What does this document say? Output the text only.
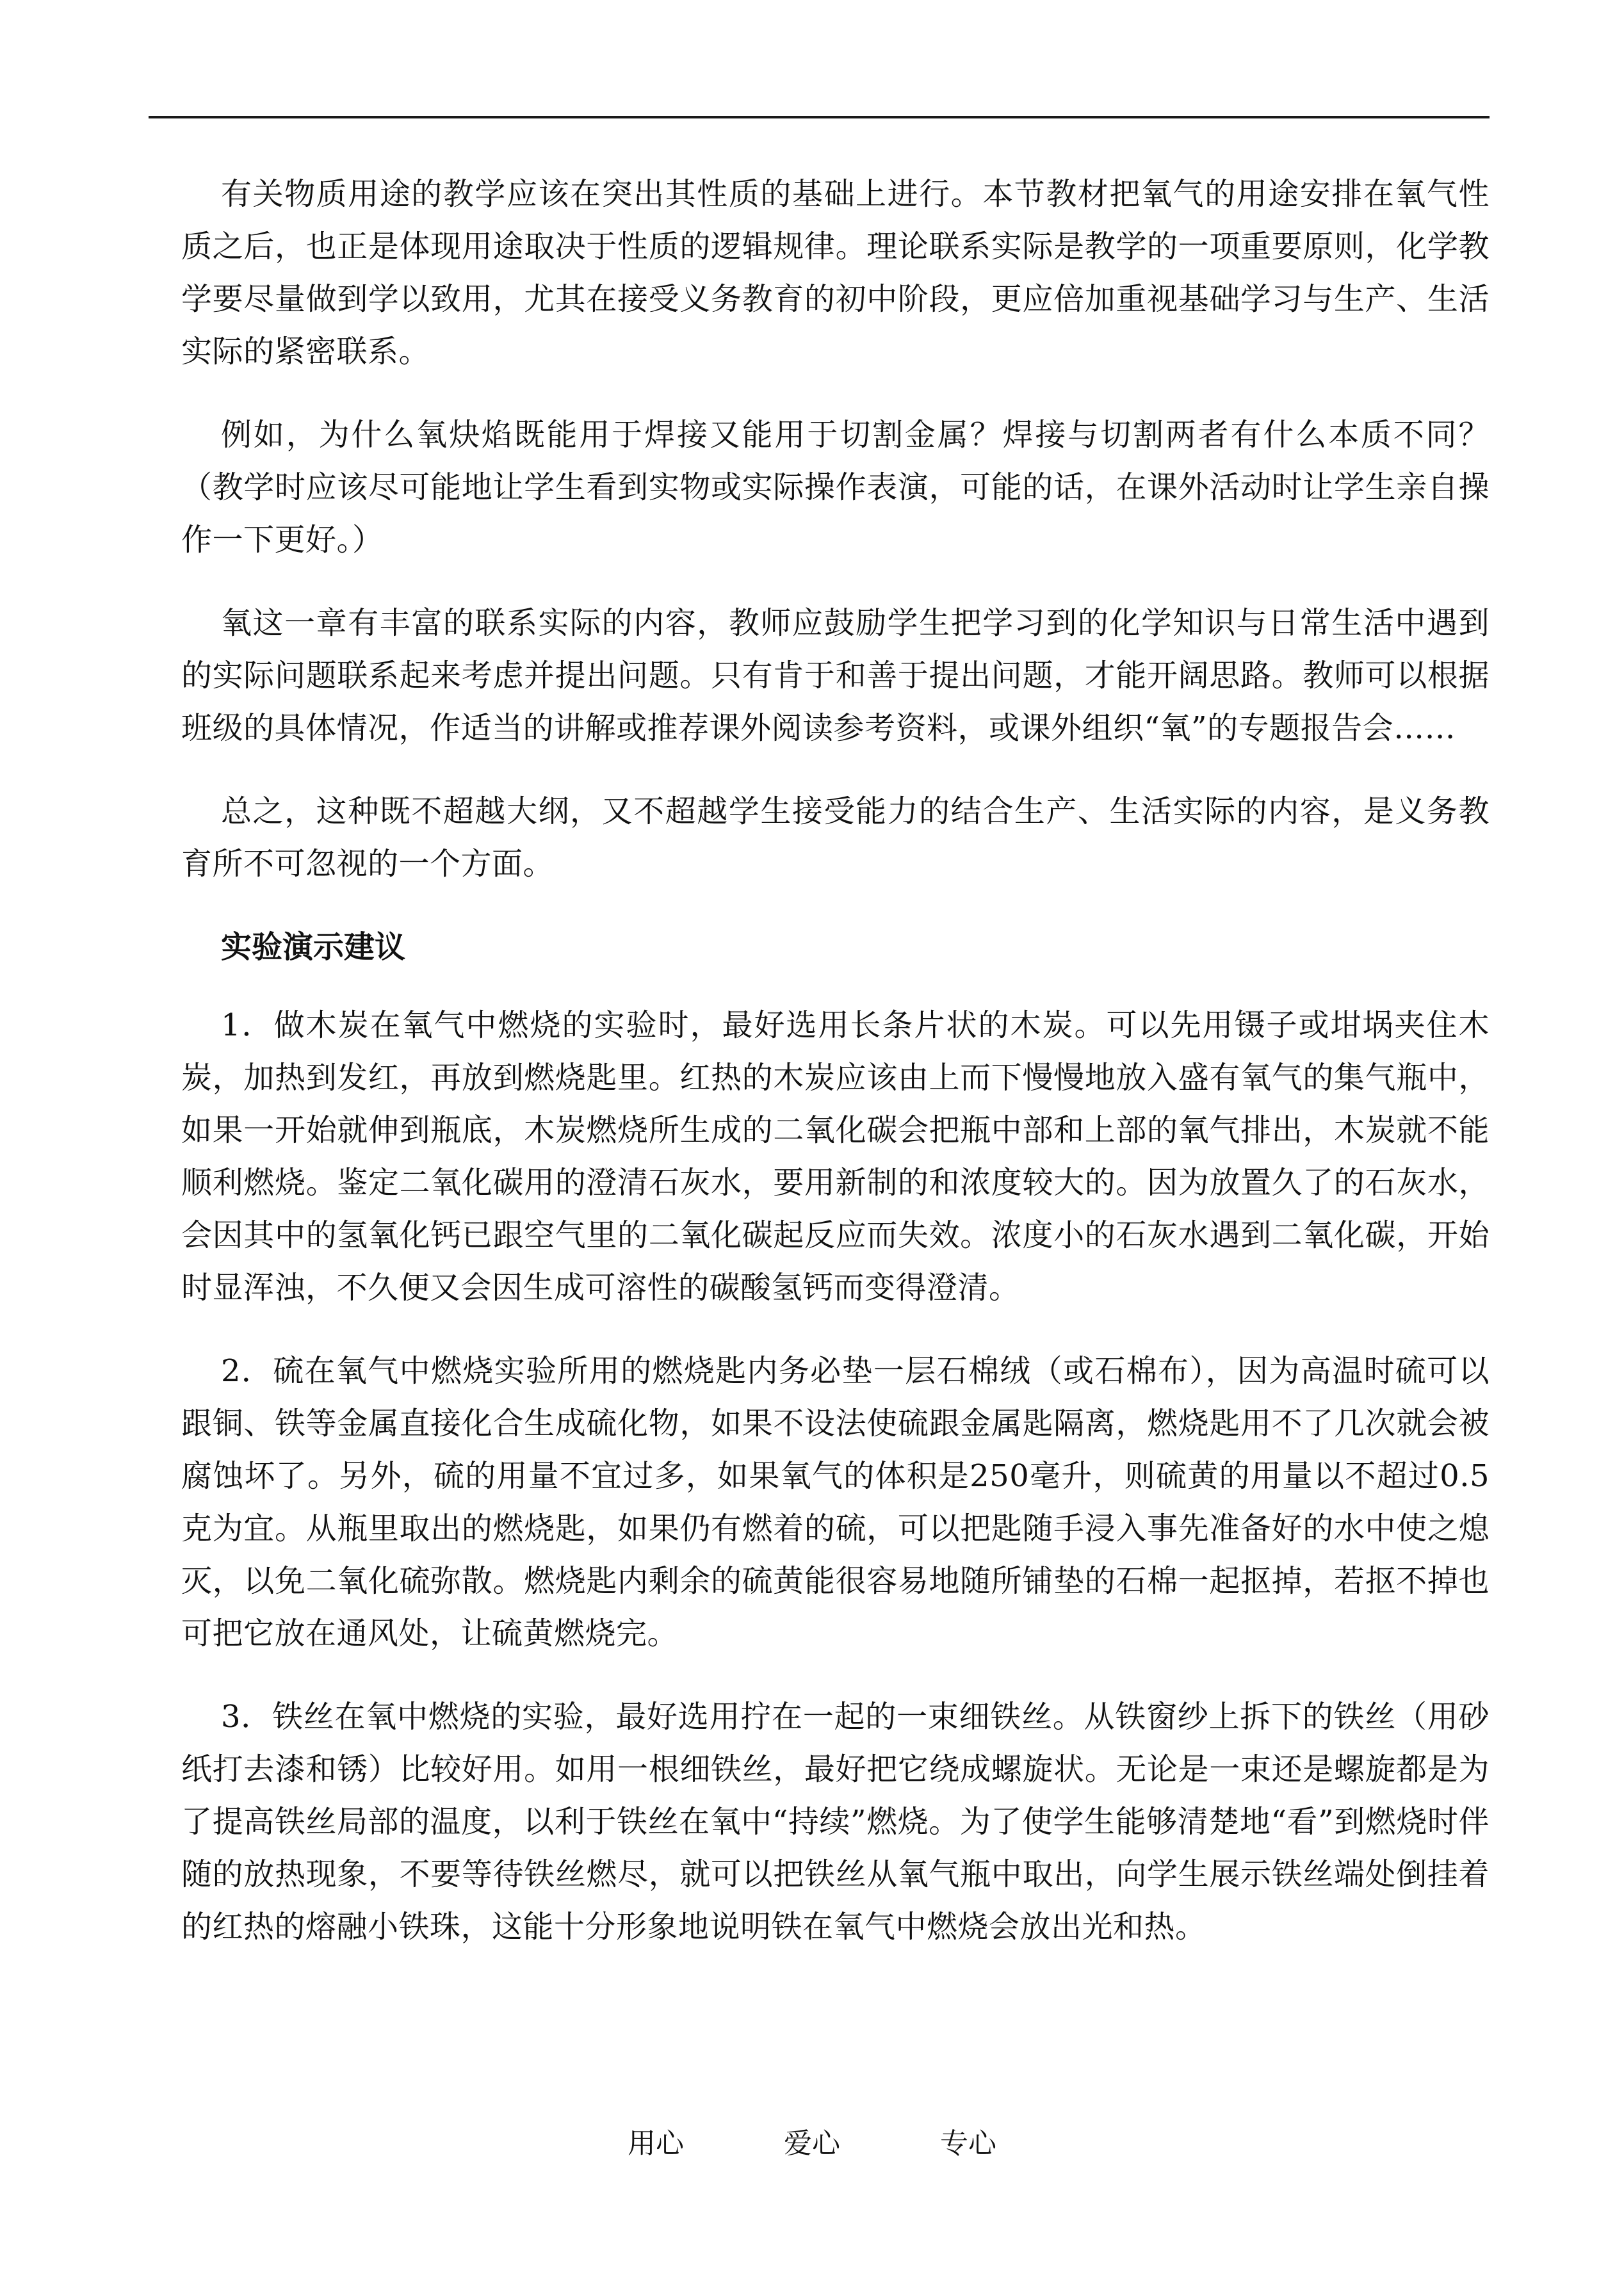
有关物质用途的教学应该在突出其性质的基础上进行。本节教材把氧气的用途安排在氧气性质之后，也正是体现用途取决于性质的逻辑规律。理论联系实际是教学的一项重要原则，化学教学要尽量做到学以致用，尤其在接受义务教育的初中阶段，更应倍加重视基础学习与生产、生活实际的紧密联系。

例如，为什么氧炔焰既能用于焊接又能用于切割金属？焊接与切割两者有什么本质不同？（教学时应该尽可能地让学生看到实物或实际操作表演，可能的话，在课外活动时让学生亲自操作一下更好。）

氧这一章有丰富的联系实际的内容，教师应鼓励学生把学习到的化学知识与日常生活中遇到的实际问题联系起来考虑并提出问题。只有肯于和善于提出问题，才能开阔思路。教师可以根据班级的具体情况，作适当的讲解或推荐课外阅读参考资料，或课外组织“氧”的专题报告会……

总之，这种既不超越大纲，又不超越学生接受能力的结合生产、生活实际的内容，是义务教育所不可忽视的一个方面。

实验演示建议

1．做木炭在氧气中燃烧的实验时，最好选用长条片状的木炭。可以先用镊子或坩埚夹住木炭，加热到发红，再放到燃烧匙里。红热的木炭应该由上而下慢慢地放入盛有氧气的集气瓶中，如果一开始就伸到瓶底，木炭燃烧所生成的二氧化碳会把瓶中部和上部的氧气排出，木炭就不能顺利燃烧。鉴定二氧化碳用的澄清石灰水，要用新制的和浓度较大的。因为放置久了的石灰水，会因其中的氢氧化钙已跟空气里的二氧化碳起反应而失效。浓度小的石灰水遇到二氧化碳，开始时显浑浊，不久便又会因生成可溶性的碳酸氢钙而变得澄清。

2．硫在氧气中燃烧实验所用的燃烧匙内务必垫一层石棉绒（或石棉布），因为高温时硫可以跟铜、铁等金属直接化合生成硫化物，如果不设法使硫跟金属匙隔离，燃烧匙用不了几次就会被腐蚀坏了。另外，硫的用量不宜过多，如果氧气的体积是250毫升，则硫黄的用量以不超过0.5克为宜。从瓶里取出的燃烧匙，如果仍有燃着的硫，可以把匙随手浸入事先准备好的水中使之熄灭，以免二氧化硫弥散。燃烧匙内剩余的硫黄能很容易地随所铺垫的石棉一起抠掉，若抠不掉也可把它放在通风处，让硫黄燃烧完。

3．铁丝在氧中燃烧的实验，最好选用拧在一起的一束细铁丝。从铁窗纱上拆下的铁丝（用砂纸打去漆和锈）比较好用。如用一根细铁丝，最好把它绕成螺旋状。无论是一束还是螺旋都是为了提高铁丝局部的温度，以利于铁丝在氧中“持续”燃烧。为了使学生能够清楚地“看”到燃烧时伴随的放热现象，不要等待铁丝燃尽，就可以把铁丝从氧气瓶中取出，向学生展示铁丝端处倒挂着的红热的熔融小铁珠，这能十分形象地说明铁在氧气中燃烧会放出光和热。

用心	爱心	专心
